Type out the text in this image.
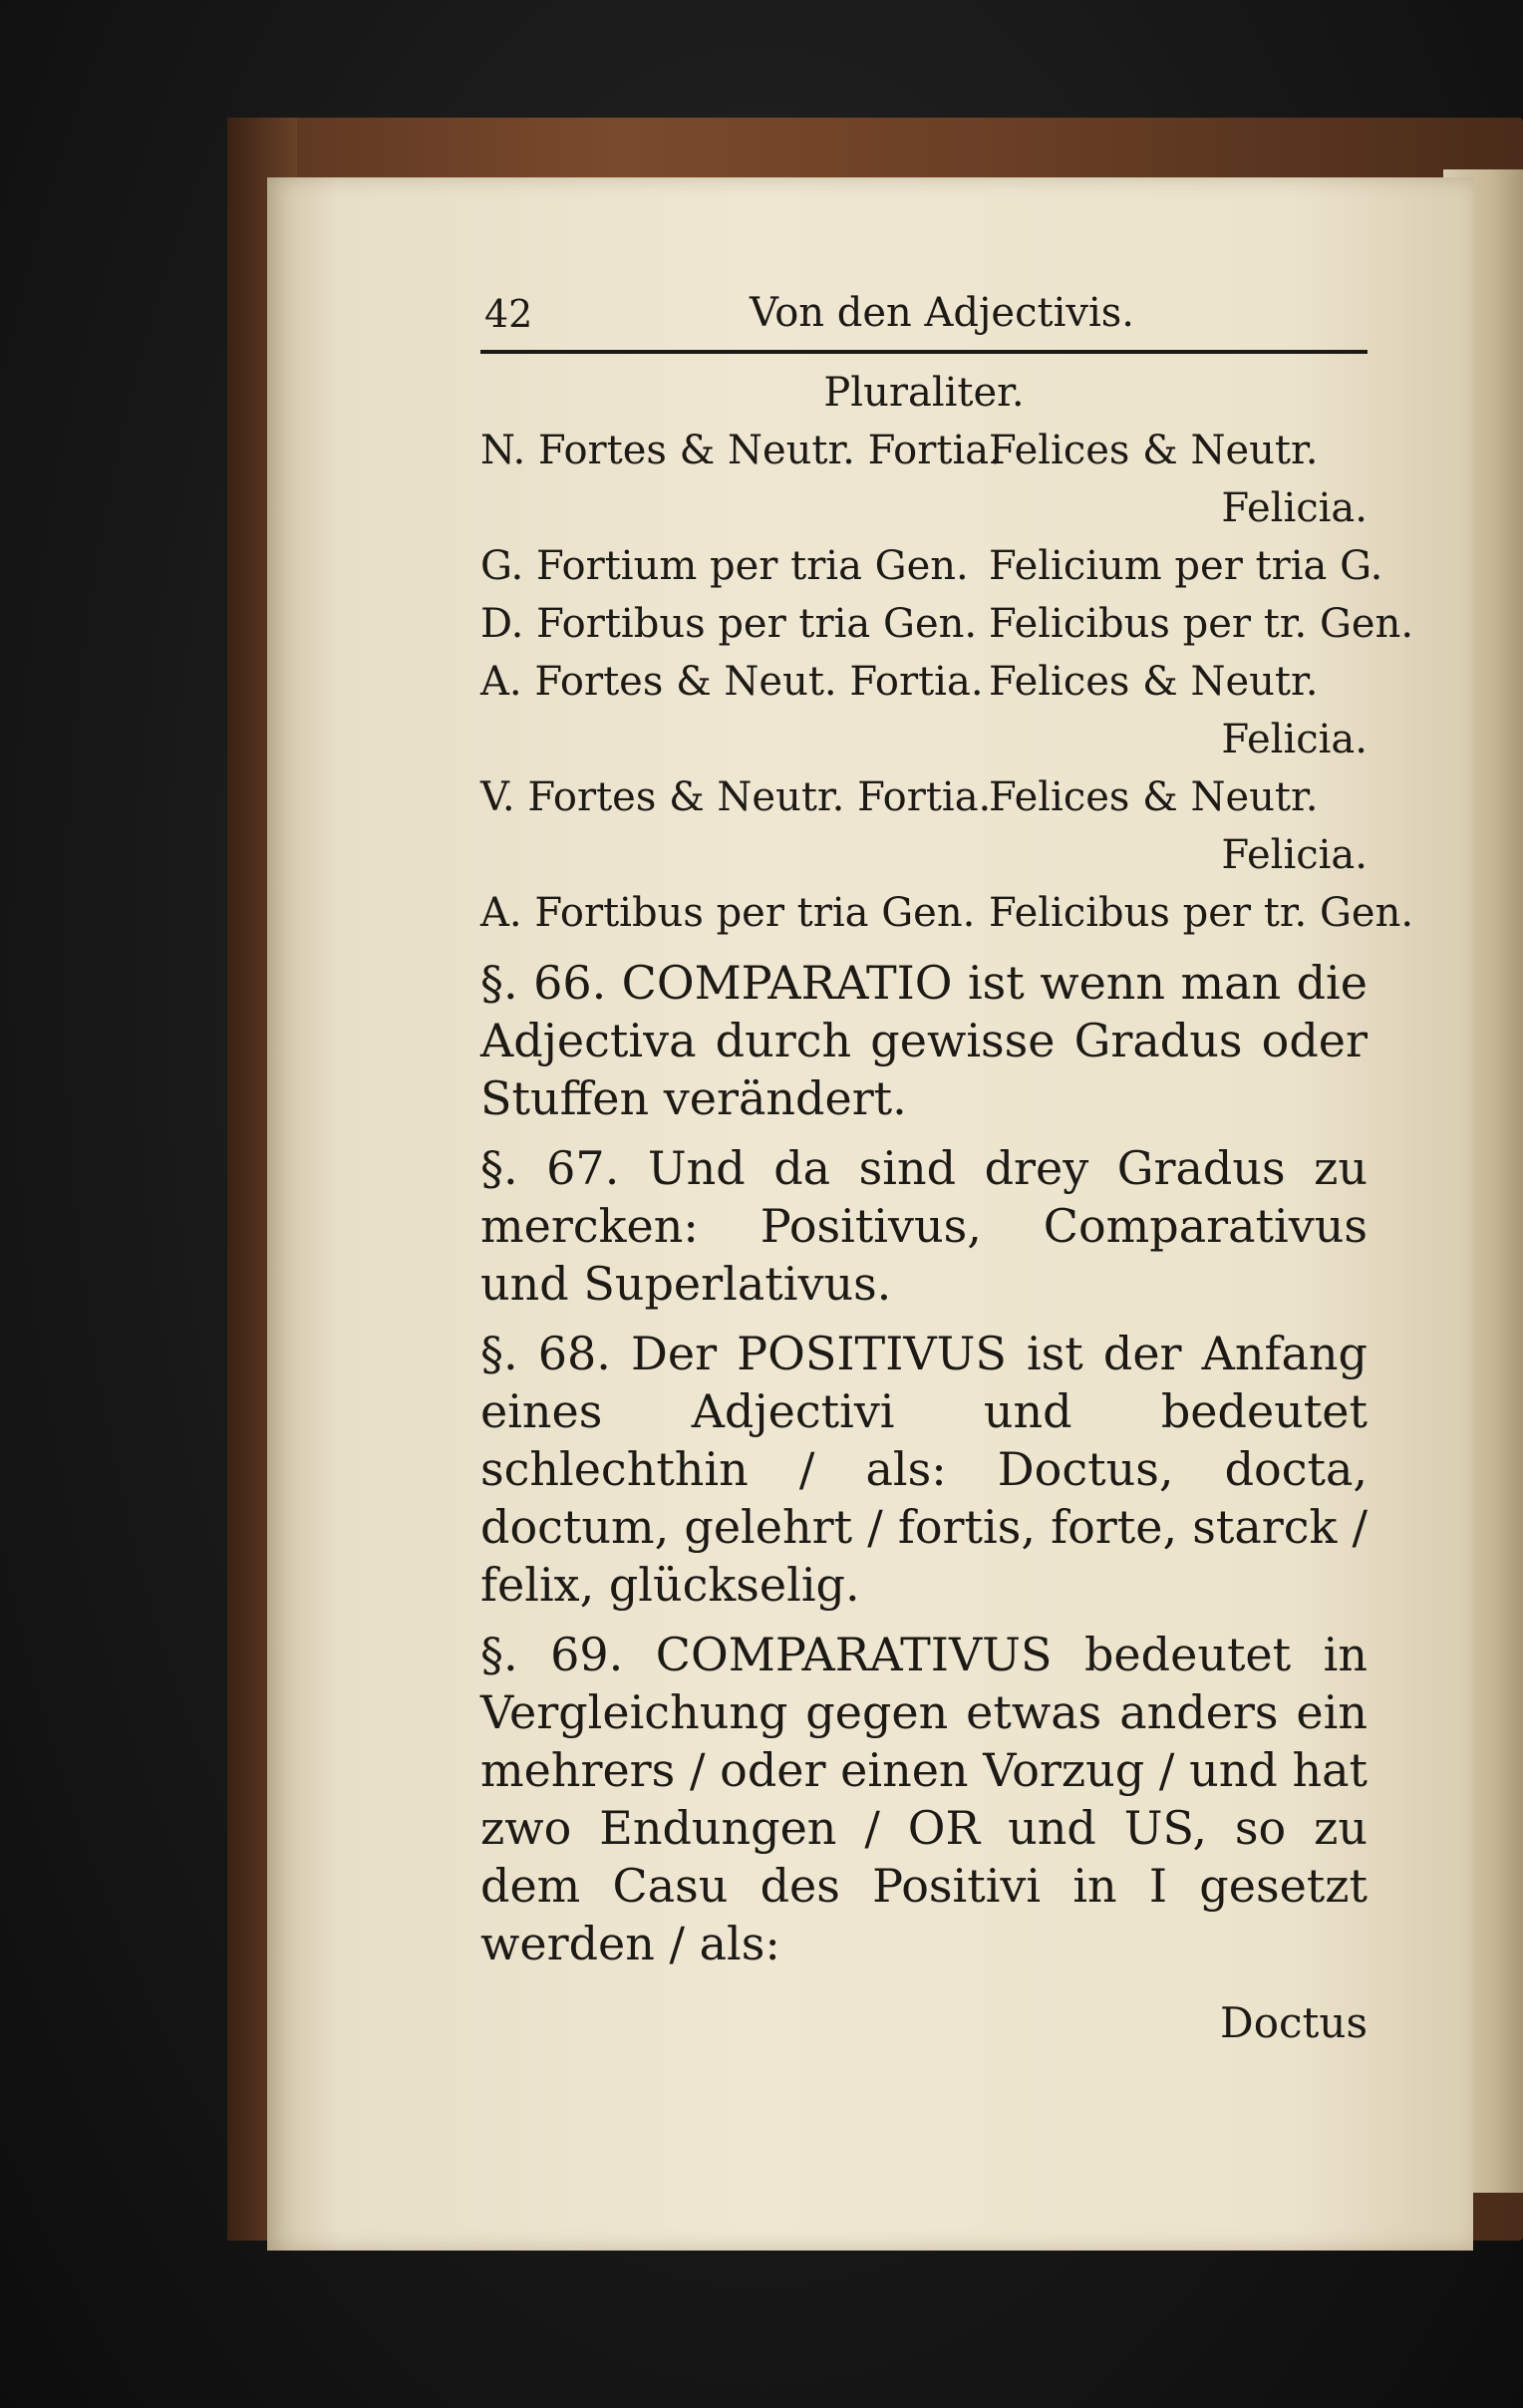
42	Von den Adjectivis.
Pluraliter.
N. Fortes & Neutr. Fortia.
Felices & Neutr.
Felicia.
G. Fortium per tria Gen. Felicium per tria G.
D. Fortibus per tria Gen. Felicibus per tr. Gen.
A. Fortes & Neut. Fortia. Felices & Neutr.
Felicia.
V. Fortes & Neutr. Fortia.
Felices & Neutr.
Felicia.
A. Fortibus per tria Gen. Felicibus per tr. Gen.
§. 66. COMPARATIO ist wenn man die Adjectiva durch gewisse Gradus oder Stuffen verändert.
§. 67. Und da sind drey Gradus zu mercken: Positivus, Comparativus und Superlativus.
§. 68. Der POSITIVUS ist der Anfang eines Adjectivi und bedeutet schlechthin / als: Doctus, docta, doctum, gelehrt / fortis, forte, starck / felix, glückselig.
§. 69. COMPARATIVUS bedeutet in Vergleichung gegen etwas anders ein mehrers / oder einen Vorzug / und hat zwo Endungen / OR und US, so zu dem Casu des Positivi in I gesetzt werden / als:
Doctus
